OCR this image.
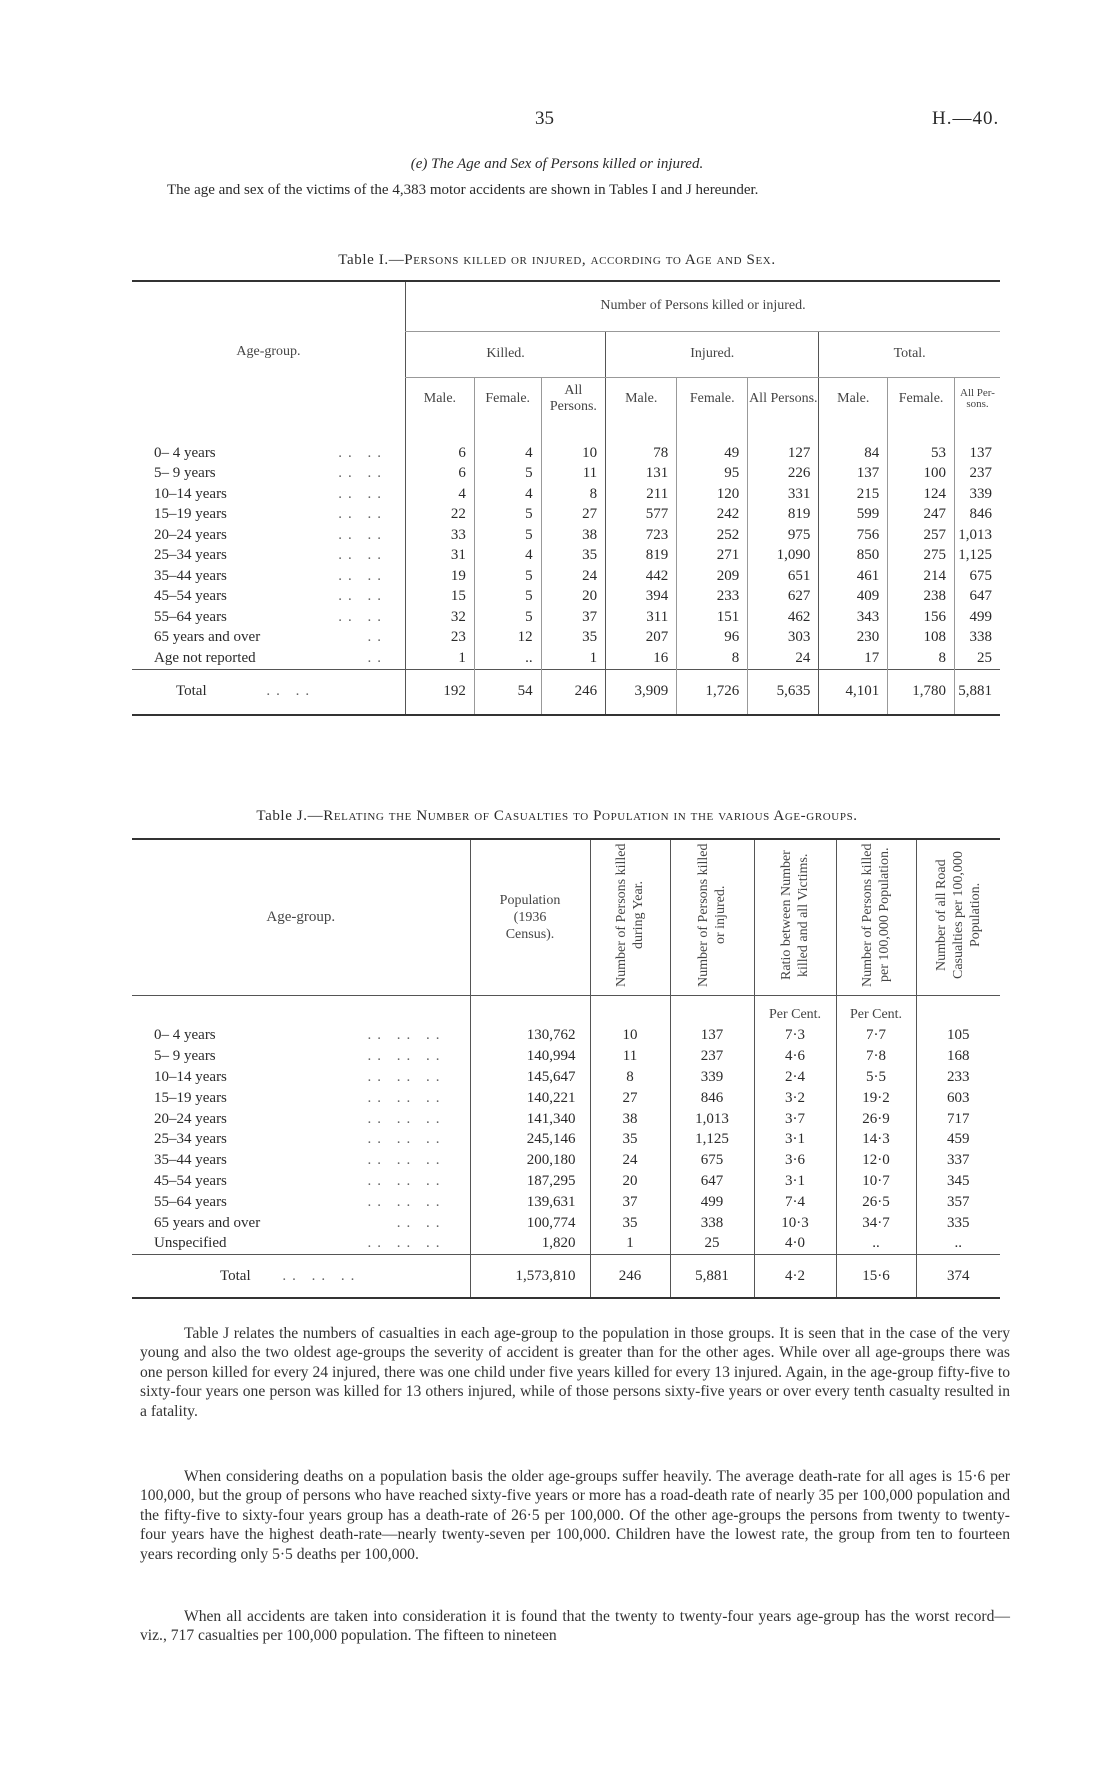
35	H.—40.
(e) The Age and Sex of Persons killed or injured.
The age and sex of the victims of the 4,383 motor accidents are shown in Tables I and J hereunder.
Table I.—Persons killed or injured, according to Age and Sex.
Age-group.	Number of Persons killed or injured.								
	Killed.			Injured.			Total.		
	Male.	Female.	All Persons.	Male.	Female.	All Persons.	Male.	Female.	All Per-sons.

0– 4 years .. ..	6	4	10	78	49	127	84	53	137
5– 9 years .. ..	6	5	11	131	95	226	137	100	237
10–14 years .. ..	4	4	8	211	120	331	215	124	339
15–19 years .. ..	22	5	27	577	242	819	599	247	846
20–24 years .. ..	33	5	38	723	252	975	756	257	1,013
25–34 years .. ..	31	4	35	819	271	1,090	850	275	1,125
35–44 years .. ..	19	5	24	442	209	651	461	214	675
45–54 years .. ..	15	5	20	394	233	627	409	238	647
55–64 years .. ..	32	5	37	311	151	462	343	156	499
65 years and over ..	23	12	35	207	96	303	230	108	338
Age not reported ..	1	..	1	16	8	24	17	8	25
Total .. ..	192	54	246	3,909	1,726	5,635	4,101	1,780	5,881
Table J.—Relating the Number of Casualties to Population in the various Age-groups.
Age-group.	Population (1936 Census).	Number of Persons killed during Year.	Number of Persons killed or injured.	Ratio between Number killed and all Victims.	Number of Persons killed per 100,000 Population.	Number of all Road Casualties per 100,000 Population.
				Per Cent.	Per Cent.	
0– 4 years .. .. ..	130,762	10	137	7·3	7·7	105
5– 9 years .. .. ..	140,994	11	237	4·6	7·8	168
10–14 years .. .. ..	145,647	8	339	2·4	5·5	233
15–19 years .. .. ..	140,221	27	846	3·2	19·2	603
20–24 years .. .. ..	141,340	38	1,013	3·7	26·9	717
25–34 years .. .. ..	245,146	35	1,125	3·1	14·3	459
35–44 years .. .. ..	200,180	24	675	3·6	12·0	337
45–54 years .. .. ..	187,295	20	647	3·1	10·7	345
55–64 years .. .. ..	139,631	37	499	7·4	26·5	357
65 years and over .. ..	100,774	35	338	10·3	34·7	335
Unspecified .. .. ..	1,820	1	25	4·0	..	..
Total .. .. ..	1,573,810	246	5,881	4·2	15·6	374
Table J relates the numbers of casualties in each age-group to the population in those groups. It is seen that in the case of the very young and also the two oldest age-groups the severity of accident is greater than for the other ages. While over all age-groups there was one person killed for every 24 injured, there was one child under five years killed for every 13 injured. Again, in the age-group fifty-five to sixty-four years one person was killed for 13 others injured, while of those persons sixty-five years or over every tenth casualty resulted in a fatality.
When considering deaths on a population basis the older age-groups suffer heavily. The average death-rate for all ages is 15·6 per 100,000, but the group of persons who have reached sixty-five years or more has a road-death rate of nearly 35 per 100,000 population and the fifty-five to sixty-four years group has a death-rate of 26·5 per 100,000. Of the other age-groups the persons from twenty to twenty-four years have the highest death-rate—nearly twenty-seven per 100,000. Children have the lowest rate, the group from ten to fourteen years recording only 5·5 deaths per 100,000.
When all accidents are taken into consideration it is found that the twenty to twenty-four years age-group has the worst record—viz., 717 casualties per 100,000 population. The fifteen to nineteen
